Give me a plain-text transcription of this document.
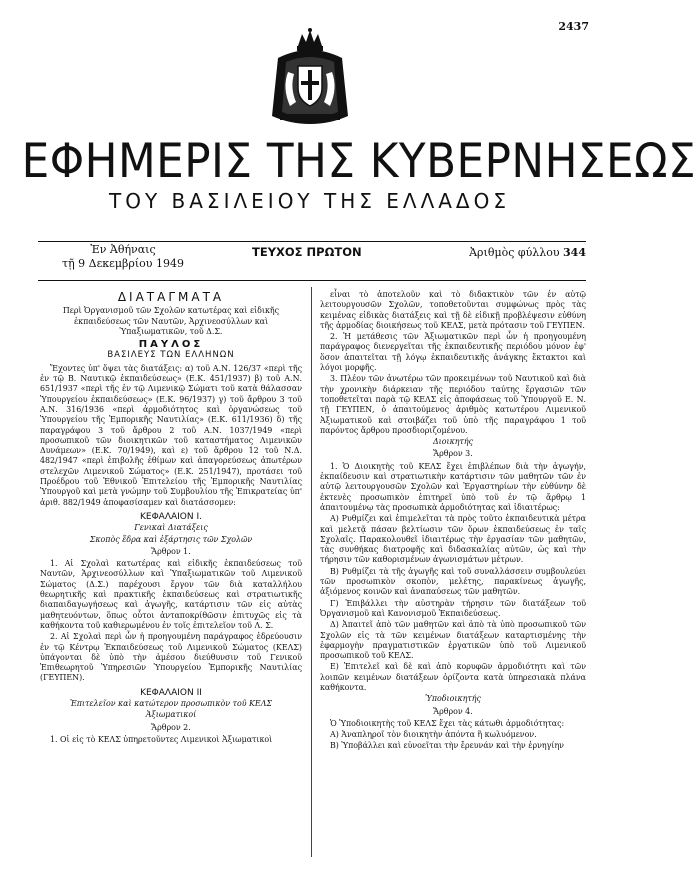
2437
ΕΦΗΜΕΡΙΣ ΤΗΣ ΚΥΒΕΡΝΗΣΕΩΣ
ΤΟΥ ΒΑΣΙΛΕΙΟΥ ΤΗΣ ΕΛΛΑΔΟΣ
Ἐν Ἀθήναις
τῇ 9 Δεκεμβρίου 1949
ΤΕΥΧΟΣ ΠΡΩΤΟΝ	Ἀριθμὸς φύλλου 344
ΔΙΑΤΑΓΜΑΤΑ

Περὶ Ὀργανισμοῦ τῶν Σχολῶν κατωτέρας καὶ εἰδικῆς ἐκπαιδεύσεως τῶν Ναυτῶν, Ἀρχινεοσύλλων καὶ Ὑπαξιωματικῶν, τοῦ Δ.Σ.

ΠΑΥΛΟΣ
ΒΑΣΙΛΕΥΣ ΤΩΝ ΕΛΛΗΝΩΝ

Ἔχοντες ὑπ' ὄψει τὰς διατάξεις: α) τοῦ Α.Ν. 126/37 «περὶ τῆς ἐν τῷ Β. Ναυτικῷ ἐκπαιδεύσεως» (Ε.Κ. 451/1937) β) τοῦ Α.Ν. 651/1937 «περὶ τῆς ἐν τῷ Λιμενικῷ Σώματι τοῦ κατὰ θάλασσαν Ὑπουργείου ἐκπαιδεύσεως» (Ε.Κ. 96/1937) γ) τοῦ ἄρθρου 3 τοῦ Α.Ν. 316/1936 «περὶ ἀρμοδιότητος καὶ ὀργανώσεως τοῦ Ὑπουργείου τῆς Ἐμπορικῆς Ναυτιλίας» (Ε.Κ. 611/1936) δ) τῆς παραγράφου 3 τοῦ ἄρθρου 2 τοῦ Α.Ν. 1037/1949 «περὶ προσωπικοῦ τῶν διοικητικῶν τοῦ καταστήματος Λιμενικῶν Δυνάμεων» (Ε.Κ. 70/1949), καὶ ε) τοῦ ἄρθρου 12 τοῦ Ν.Δ. 482/1947 «περὶ ἐπιβολῆς ἐθίμων καὶ ἀπαγορεύσεως ἀπωτέρων στελεχῶν Λιμενικοῦ Σώματος» (Ε.Κ. 251/1947), προτάσει τοῦ Προέδρου τοῦ Ἐθνικοῦ Ἐπιτελείου τῆς Ἐμπορικῆς Ναυτιλίας Ὑπουργοῦ καὶ μετὰ γνώμην τοῦ Συμβουλίου τῆς Ἐπικρατείας ὑπ' ἀριθ. 882/1949 ἀποφασίσαμεν καὶ διατάσσομεν:

ΚΕΦΑΛΑΙΟΝ Ι.
Γενικαὶ Διατάξεις
Σκοπὸς ἕδρα καὶ ἐξάρτησις τῶν Σχολῶν
Ἄρθρον 1.

1. Αἱ Σχολαὶ κατωτέρας καὶ εἰδικῆς ἐκπαιδεύσεως τοῦ Ναυτῶν, Ἀρχινεοσύλλων καὶ Ὑπαξιωματικῶν τοῦ Λιμενικοῦ Σώματος (Δ.Σ.) παρέχουσι ἔργον τῶν διὰ καταλλήλου θεωρητικῆς καὶ πρακτικῆς ἐκπαιδεύσεως καὶ στρατιωτικῆς διαπαιδαγωγήσεως καὶ ἀγωγῆς, κατάρτισιν τῶν εἰς αὐτὰς μαθητευόντων, ὅπως οὗτοι ἀνταποκρίθῶσιν ἐπιτυχῶς εἰς τὰ καθήκοντα τοῦ καθιερωμένου ἐν τοῖς ἐπιτελεῖον τοῦ Λ. Σ.

2. Αἱ Σχολαὶ περὶ ὧν ἡ προηγουμένη παράγραφος ἑδρεύουσιν ἐν τῷ Κέντρῳ Ἐκπαιδεύσεως τοῦ Λιμενικοῦ Σώματος (ΚΕΛΣ) ὑπάγονται δὲ ὑπὸ τὴν ἀμέσου διεύθυνσιν τοῦ Γενικοῦ Ἐπιθεωρητοῦ Ὑπηρεσιῶν Ὑπουργείου Ἐμπορικῆς Ναυτιλίας (ΓΕΥΠΕΝ).

ΚΕΦΑΛΑΙΟΝ ΙΙ
Ἐπιτελεῖον καὶ κατώτερον προσωπικὸν τοῦ ΚΕΛΣ
Ἀξιωματικοί
Ἄρθρον 2.

1. Οἱ εἰς τὸ ΚΕΛΣ ὑπηρετοῦντες Λιμενικοὶ Ἀξιωματικοὶ

εἶναι τὸ ἀποτελοῦν καὶ τὸ διδακτικὸν τῶν ἐν αὐτῷ λειτουργουσῶν Σχολῶν, τοποθετοῦνται συμφώνως πρὸς τὰς κειμένας εἰδικὰς διατάξεις καὶ τῇ δὲ εἰδικῇ προβλέψεσιν εὐθύνη τῆς ἀρμοδίας διοικήσεως τοῦ ΚΕΛΣ, μετὰ πρότασιν τοῦ ΓΕΥΠΕΝ.

2. Ἡ μετάθεσις τῶν Ἀξιωματικῶν περὶ ὧν ἡ προηγουμένη παράγραφος διενεργεῖται τῆς ἐκπαιδευτικῆς περιόδου μόνον ἐφ' ὅσον ἀπαιτεῖται τῇ λόγῳ ἐκπαιδευτικῆς ἀνάγκης ἔκτακτοι καὶ λόγοι μορφῆς.

3. Πλέον τῶν ἀνωτέρω τῶν προκειμένων τοῦ Ναυτικοῦ καὶ διὰ τὴν χρονικὴν διάρκειαν τῆς περιόδου ταύτης ἔργασιῶν τῶν τοποθετεῖται παρὰ τῷ ΚΕΛΣ εἰς ἀποφάσεως τοῦ Ὑπουργοῦ Ε. Ν. τῇ ΓΕΥΠΕΝ, ὁ ἀπαιτούμενος ἀριθμὸς κατωτέρου Λιμενικοῦ Ἀξιωματικοῦ καὶ στοιβάζει τοῦ ὑπὸ τῆς παραγράφου 1 τοῦ παρόντος ἄρθρου προσδιοριζομένου.

Διοικητής
Ἄρθρον 3.

1. Ὁ Διοικητὴς τοῦ ΚΕΛΣ ἔχει ἐπιβλέπων διὰ τὴν ἀγωγήν, ἐκπαίδευσιν καὶ στρατιωτικὴν κατάρτισιν τῶν μαθητῶν τῶν ἐν αὐτῷ λειτουργουσῶν Σχολῶν καὶ Ἐργαστηρίων τὴν εὐθύνην δὲ ἐκτενὲς προσωπικὸν ἐπιτηρεῖ ὑπὸ τοῦ ἐν τῷ ἄρθρῳ 1 ἀπαιτουμένῳ τὰς προσωπικὰ ἀρμοδιότητας καὶ ἰδιαιτέρως:

Α) Ρυθμίζει καὶ ἐπιμελεῖται τὰ πρὸς τοῦτο ἐκπαιδευτικὰ μέτρα καὶ μελετᾷ πάσαν βελτίωσιν τῶν ὅρων ἐκπαιδεύσεως ἐν ταῖς Σχολαῖς. Παρακολουθεῖ ἰδιαιτέρως τὴν ἐργασίαν τῶν μαθητῶν, τὰς συνθήκας διατροφῆς καὶ διδασκαλίας αὐτῶν, ὡς καὶ τὴν τήρησιν τῶν καθορισμένων ἀγωνισμάτων μέτρων.

Β) Ρυθμίζει τὰ τῆς ἀγωγῆς καὶ τοῦ συναλλάσσειν συμβουλεύει τῶν προσωπικὸν σκοπὸν, μελέτης, παρακίνεως ἀγωγῆς, ἀξιόμενος κοινῶν καὶ ἀναπαύσεως τῶν μαθητῶν.

Γ) Ἐπιβάλλει τὴν αὐστηρὰν τήρησιν τῶν διατάξεων τοῦ Ὀργανισμοῦ καὶ Κανονισμοῦ Ἐκπαιδεύσεως.

Δ) Ἀπαιτεῖ ἀπὸ τῶν μαθητῶν καὶ ἀπὸ τὰ ὑπὸ προσωπικοῦ τῶν Σχολῶν εἰς τὰ τῶν κειμένων διατάξεων καταρτισμένης τὴν ἐφαρμογὴν πραγματιστικῶν ἐργατικῶν ὑπὸ τοῦ Λιμενικοῦ προσωπικοῦ τοῦ ΚΕΛΣ.

Ε) Ἐπιτελεῖ καὶ δὲ καὶ ἀπὸ κορυφῶν ἀρμοδιότητι καὶ τῶν λοιπῶν κειμένων διατάξεων ὁρίζοντα κατὰ ὑπηρεσιακὰ πλάνα καθήκοντα.

Ὑποδιοικητής
Ἄρθρον 4.

Ὁ Ὑποδιοικητὴς τοῦ ΚΕΛΣ ἔχει τὰς κάτωθι ἀρμοδιότητας:

Α) Ἀναπληροῖ τὸν διοικητὴν ἀπόντα ἢ κωλυόμενον.

Β) Ὑποβάλλει καὶ εὐνοεῖται τὴν ἔρευνάν καὶ τὴν ἐρνηγίην
